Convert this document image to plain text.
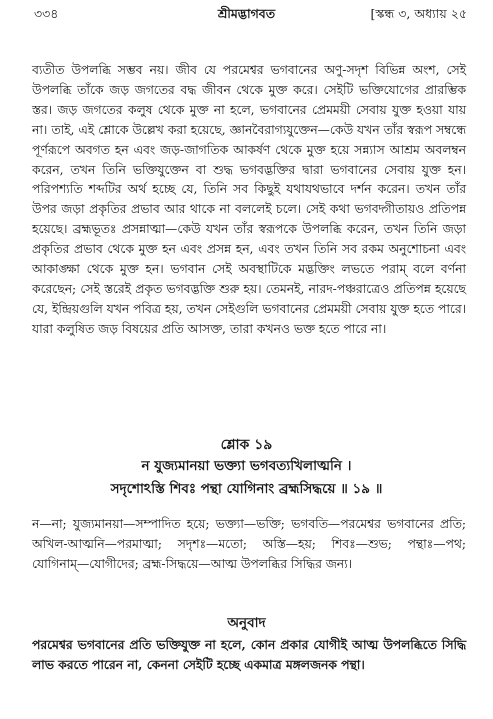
৩৩৪	শ্রীমদ্ভাগবত	[স্কন্ধ ৩, অধ্যায় ২৫

ব্যতীত উপলব্ধি সম্ভব নয়। জীব যে পরমেশ্বর ভগবানের অণু-সদৃশ বিভিন্ন অংশ, সেই উপলব্ধি তাঁকে জড় জগতের বদ্ধ জীবন থেকে মুক্ত করে। সেইটি ভক্তিযোগের প্রারম্ভিক স্তর। জড় জগতের কলুষ থেকে মুক্ত না হলে, ভগবানের প্রেমময়ী সেবায় যুক্ত হওয়া যায় না। তাই, এই শ্লোকে উল্লেখ করা হয়েছে, জ্ঞানবৈরাগ্যযুক্তেন—কেউ যখন তাঁর স্বরূপ সম্বন্ধে পূর্ণরূপে অবগত হন এবং জড়-জাগতিক আকর্ষণ থেকে মুক্ত হয়ে সন্ন্যাস আশ্রম অবলম্বন করেন, তখন তিনি ভক্তিযুক্তেন বা শুদ্ধ ভগবদ্ভক্তির দ্বারা ভগবানের সেবায় যুক্ত হন। পরিপশ্যতি শব্দটির অর্থ হচ্ছে যে, তিনি সব কিছুই যথাযথভাবে দর্শন করেন। তখন তাঁর উপর জড়া প্রকৃতির প্রভাব আর থাকে না বললেই চলে। সেই কথা ভগবদ্গীতায়ও প্রতিপন্ন হয়েছে। ব্রহ্মভূতঃ প্রসন্নাত্মা—কেউ যখন তাঁর স্বরূপকে উপলব্ধি করেন, তখন তিনি জড়া প্রকৃতির প্রভাব থেকে মুক্ত হন এবং প্রসন্ন হন, এবং তখন তিনি সব রকম অনুশোচনা এবং আকাঙ্ক্ষা থেকে মুক্ত হন। ভগবান সেই অবস্থাটিকে মদ্ভক্তিং লভতে পরাম্ বলে বর্ণনা করেছেন; সেই স্তরেই প্রকৃত ভগবদ্ভক্তি শুরু হয়। তেমনই, নারদ-পঞ্চরাত্রেও প্রতিপন্ন হয়েছে যে, ইন্দ্রিয়গুলি যখন পবিত্র হয়, তখন সেইগুলি ভগবানের প্রেমময়ী সেবায় যুক্ত হতে পারে। যারা কলুষিত জড় বিষয়ের প্রতি আসক্ত, তারা কখনও ভক্ত হতে পারে না।

শ্লোক ১৯
ন যুজ্যমানয়া ভক্ত্যা ভগবত্যখিলাত্মনি ।
সদৃশোঽস্তি শিবঃ পন্থা যোগিনাং ব্রহ্মসিদ্ধয়ে ॥ ১৯ ॥

ন—না; যুজ্যমানয়া—সম্পাদিত হয়ে; ভক্ত্যা—ভক্তি; ভগবতি—পরমেশ্বর ভগবানের প্রতি; অখিল-আত্মনি—পরমাত্মা; সদৃশঃ—মতো; অস্তি—হয়; শিবঃ—শুভ; পন্থাঃ—পথ; যোগিনাম্—যোগীদের; ব্রহ্ম-সিদ্ধয়ে—আত্ম উপলব্ধির সিদ্ধির জন্য।

অনুবাদ

পরমেশ্বর ভগবানের প্রতি ভক্তিযুক্ত না হলে, কোন প্রকার যোগীই আত্ম উপলব্ধিতে সিদ্ধি লাভ করতে পারেন না, কেননা সেইটি হচ্ছে একমাত্র মঙ্গলজনক পন্থা।
